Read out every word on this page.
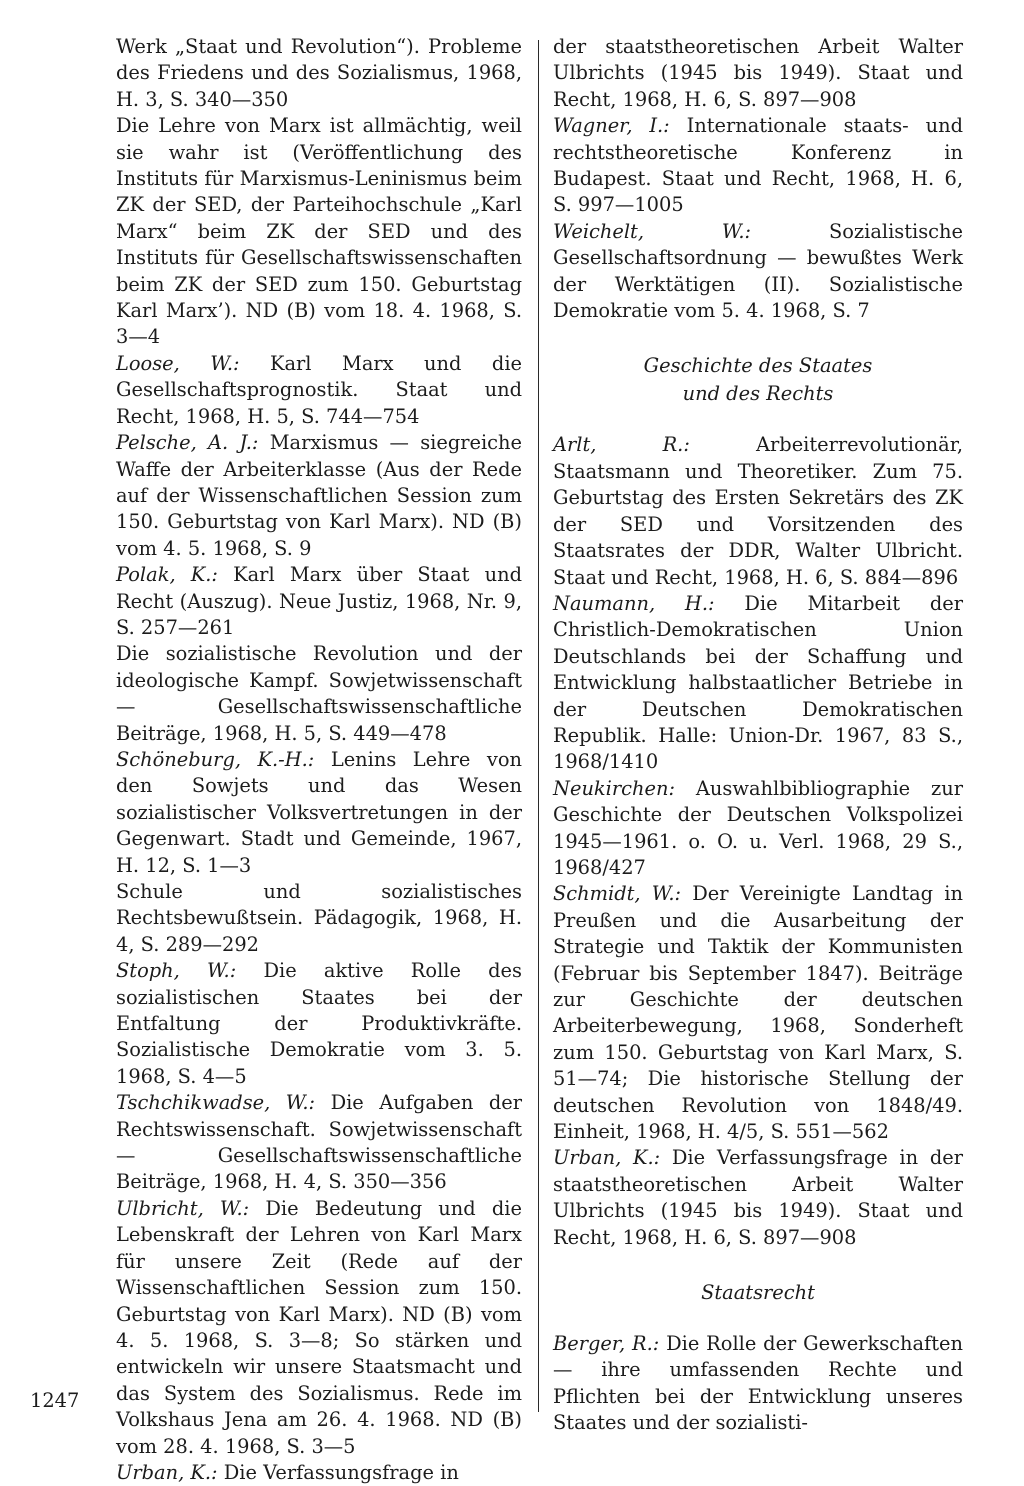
Werk „Staat und Revolution“). Probleme des Friedens und des Sozialismus, 1968, H. 3, S. 340—350

Die Lehre von Marx ist allmächtig, weil sie wahr ist (Veröffentlichung des Instituts für Marxismus-Leninismus beim ZK der SED, der Parteihochschule „Karl Marx“ beim ZK der SED und des Instituts für Gesellschaftswissenschaften beim ZK der SED zum 150. Geburtstag Karl Marx’). ND (B) vom 18. 4. 1968, S. 3—4

Loose, W.: Karl Marx und die Gesellschaftsprognostik. Staat und Recht, 1968, H. 5, S. 744—754

Pelsche, A. J.: Marxismus — siegreiche Waffe der Arbeiterklasse (Aus der Rede auf der Wissenschaftlichen Session zum 150. Geburtstag von Karl Marx). ND (B) vom 4. 5. 1968, S. 9

Polak, K.: Karl Marx über Staat und Recht (Auszug). Neue Justiz, 1968, Nr. 9, S. 257—261

Die sozialistische Revolution und der ideologische Kampf. Sowjetwissenschaft — Gesellschaftswissenschaftliche Beiträge, 1968, H. 5, S. 449—478

Schöneburg, K.-H.: Lenins Lehre von den Sowjets und das Wesen sozialistischer Volksvertretungen in der Gegenwart. Stadt und Gemeinde, 1967, H. 12, S. 1—3

Schule und sozialistisches Rechtsbewußtsein. Pädagogik, 1968, H. 4, S. 289—292

Stoph, W.: Die aktive Rolle des sozialistischen Staates bei der Entfaltung der Produktivkräfte. Sozialistische Demokratie vom 3. 5. 1968, S. 4—5

Tschchikwadse, W.: Die Aufgaben der Rechtswissenschaft. Sowjetwissenschaft — Gesellschaftswissenschaftliche Beiträge, 1968, H. 4, S. 350—356

Ulbricht, W.: Die Bedeutung und die Lebenskraft der Lehren von Karl Marx für unsere Zeit (Rede auf der Wissenschaftlichen Session zum 150. Geburtstag von Karl Marx). ND (B) vom 4. 5. 1968, S. 3—8; So stärken und entwickeln wir unsere Staatsmacht und das System des Sozialismus. Rede im Volkshaus Jena am 26. 4. 1968. ND (B) vom 28. 4. 1968, S. 3—5

Urban, K.: Die Verfassungsfrage in

der staatstheoretischen Arbeit Walter Ulbrichts (1945 bis 1949). Staat und Recht, 1968, H. 6, S. 897—908

Wagner, I.: Internationale staats- und rechtstheoretische Konferenz in Budapest. Staat und Recht, 1968, H. 6, S. 997—1005

Weichelt, W.:	Sozialistische Gesellschaftsordnung — bewußtes Werk der Werktätigen (II). Sozialistische Demokratie vom 5. 4. 1968, S. 7

Geschichte des Staates
und des Rechts

Arlt, R.:	Arbeiterrevolutionär, Staatsmann und Theoretiker. Zum 75. Geburtstag des Ersten Sekretärs des ZK der SED und Vorsitzenden des Staatsrates der DDR, Walter Ulbricht. Staat und Recht, 1968, H. 6, S. 884—896

Naumann, H.: Die Mitarbeit der Christlich-Demokratischen Union Deutschlands bei der Schaffung und Entwicklung halbstaatlicher Betriebe in der Deutschen Demokratischen Republik. Halle: Union-Dr. 1967, 83 S., 1968/1410

Neukirchen: Auswahlbibliographie zur Geschichte der Deutschen Volkspolizei 1945—1961. o. O. u. Verl. 1968, 29 S., 1968/427

Schmidt, W.: Der Vereinigte Landtag in Preußen und die Ausarbeitung der Strategie und Taktik der Kommunisten (Februar bis September 1847). Beiträge zur Geschichte der deutschen Arbeiterbewegung, 1968, Sonderheft zum 150. Geburtstag von Karl Marx, S. 51—74; Die historische Stellung der deutschen Revolution von 1848/49. Einheit, 1968, H. 4/5, S. 551—562

Urban, K.: Die Verfassungsfrage in der staatstheoretischen Arbeit Walter Ulbrichts (1945 bis 1949). Staat und Recht, 1968, H. 6, S. 897—908

Staatsrecht

Berger, R.: Die Rolle der Gewerkschaften — ihre umfassenden Rechte und Pflichten bei der Entwicklung unseres Staates und der sozialisti-

1247
